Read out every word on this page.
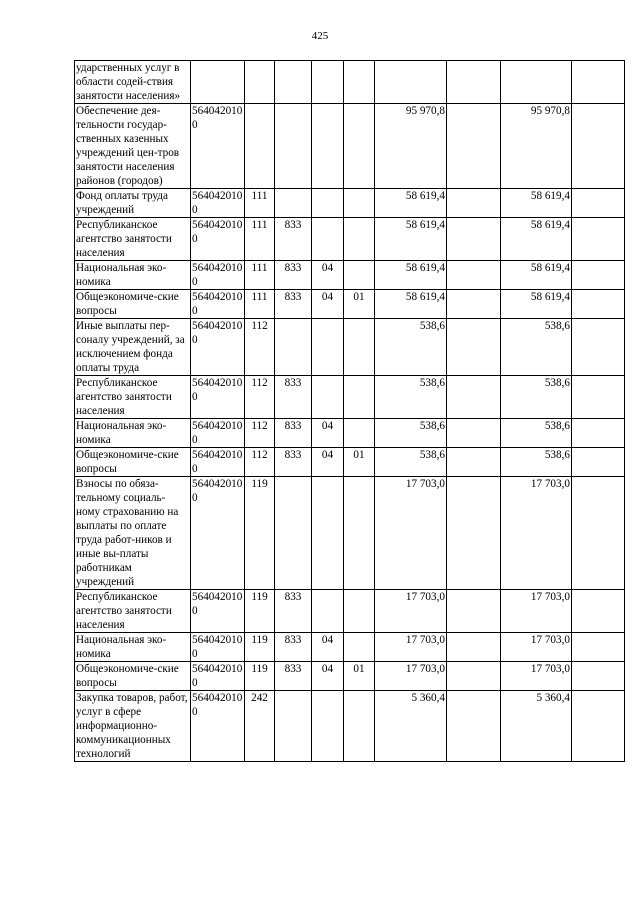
425
ударственных услуг в области содей-ствия занятости населения»									
Обеспечение дея-тельности государ-ственных казенных учреждений цен-тров занятости населения районов (городов)	5640420100					95 970,8		95 970,8	
Фонд оплаты труда учреждений	5640420100	111				58 619,4		58 619,4	
Республиканское агентство занятости населения	5640420100	111	833			58 619,4		58 619,4	
Национальная эко-номика	5640420100	111	833	04		58 619,4		58 619,4	
Общеэкономиче-ские вопросы	5640420100	111	833	04	01	58 619,4		58 619,4	
Иные выплаты пер-соналу учреждений, за исключением фонда оплаты труда	5640420100	112				538,6		538,6	
Республиканское агентство занятости населения	5640420100	112	833			538,6		538,6	
Национальная эко-номика	5640420100	112	833	04		538,6		538,6	
Общеэкономиче-ские вопросы	5640420100	112	833	04	01	538,6		538,6	
Взносы по обяза-тельному социаль-ному страхованию на выплаты по оплате труда работ-ников и иные вы-платы работникам учреждений	5640420100	119				17 703,0		17 703,0	
Республиканское агентство занятости населения	5640420100	119	833			17 703,0		17 703,0	
Национальная эко-номика	5640420100	119	833	04		17 703,0		17 703,0	
Общеэкономиче-ские вопросы	5640420100	119	833	04	01	17 703,0		17 703,0	
Закупка товаров, работ, услуг в сфере информационно-коммуникационных технологий	5640420100	242				5 360,4		5 360,4	
